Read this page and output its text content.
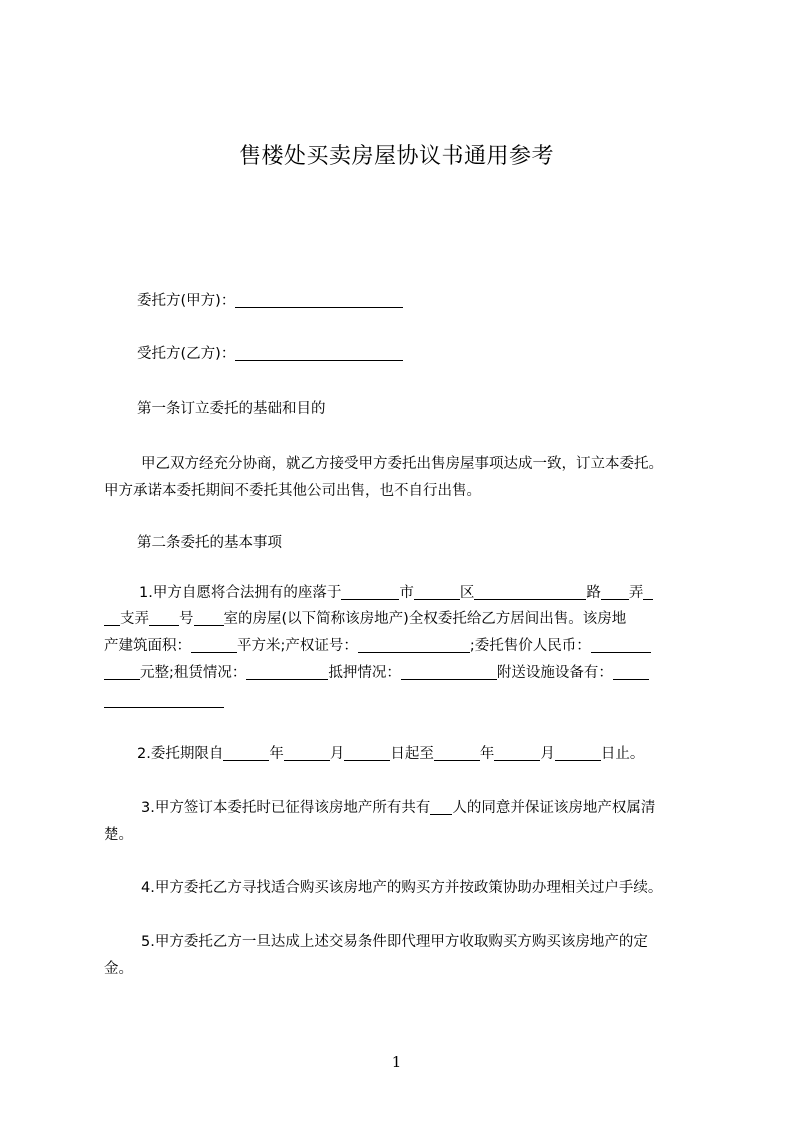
售楼处买卖房屋协议书通用参考
委托方(甲方)：
受托方(乙方)：
第一条订立委托的基础和目的
甲乙双方经充分协商，就乙方接受甲方委托出售房屋事项达成一致，订立本委托。
甲方承诺本委托期间不委托其他公司出售，也不自行出售。
第二条委托的基本事项
1.甲方自愿将合法拥有的座落于	市	区	路 弄
支弄 号 室的房屋(以下简称该房地产)全权委托给乙方居间出售。该房地
产建筑面积：	平方米;产权证号：	;委托售价人民币：
元整;租赁情况：	抵押情况：	附送设施设备有：
2.委托期限自	年	月	日起至	年	月	日止。
3.甲方签订本委托时已征得该房地产所有共有 人的同意并保证该房地产权属清
楚。
4.甲方委托乙方寻找适合购买该房地产的购买方并按政策协助办理相关过户手续。
5.甲方委托乙方一旦达成上述交易条件即代理甲方收取购买方购买该房地产的定
金。
1
